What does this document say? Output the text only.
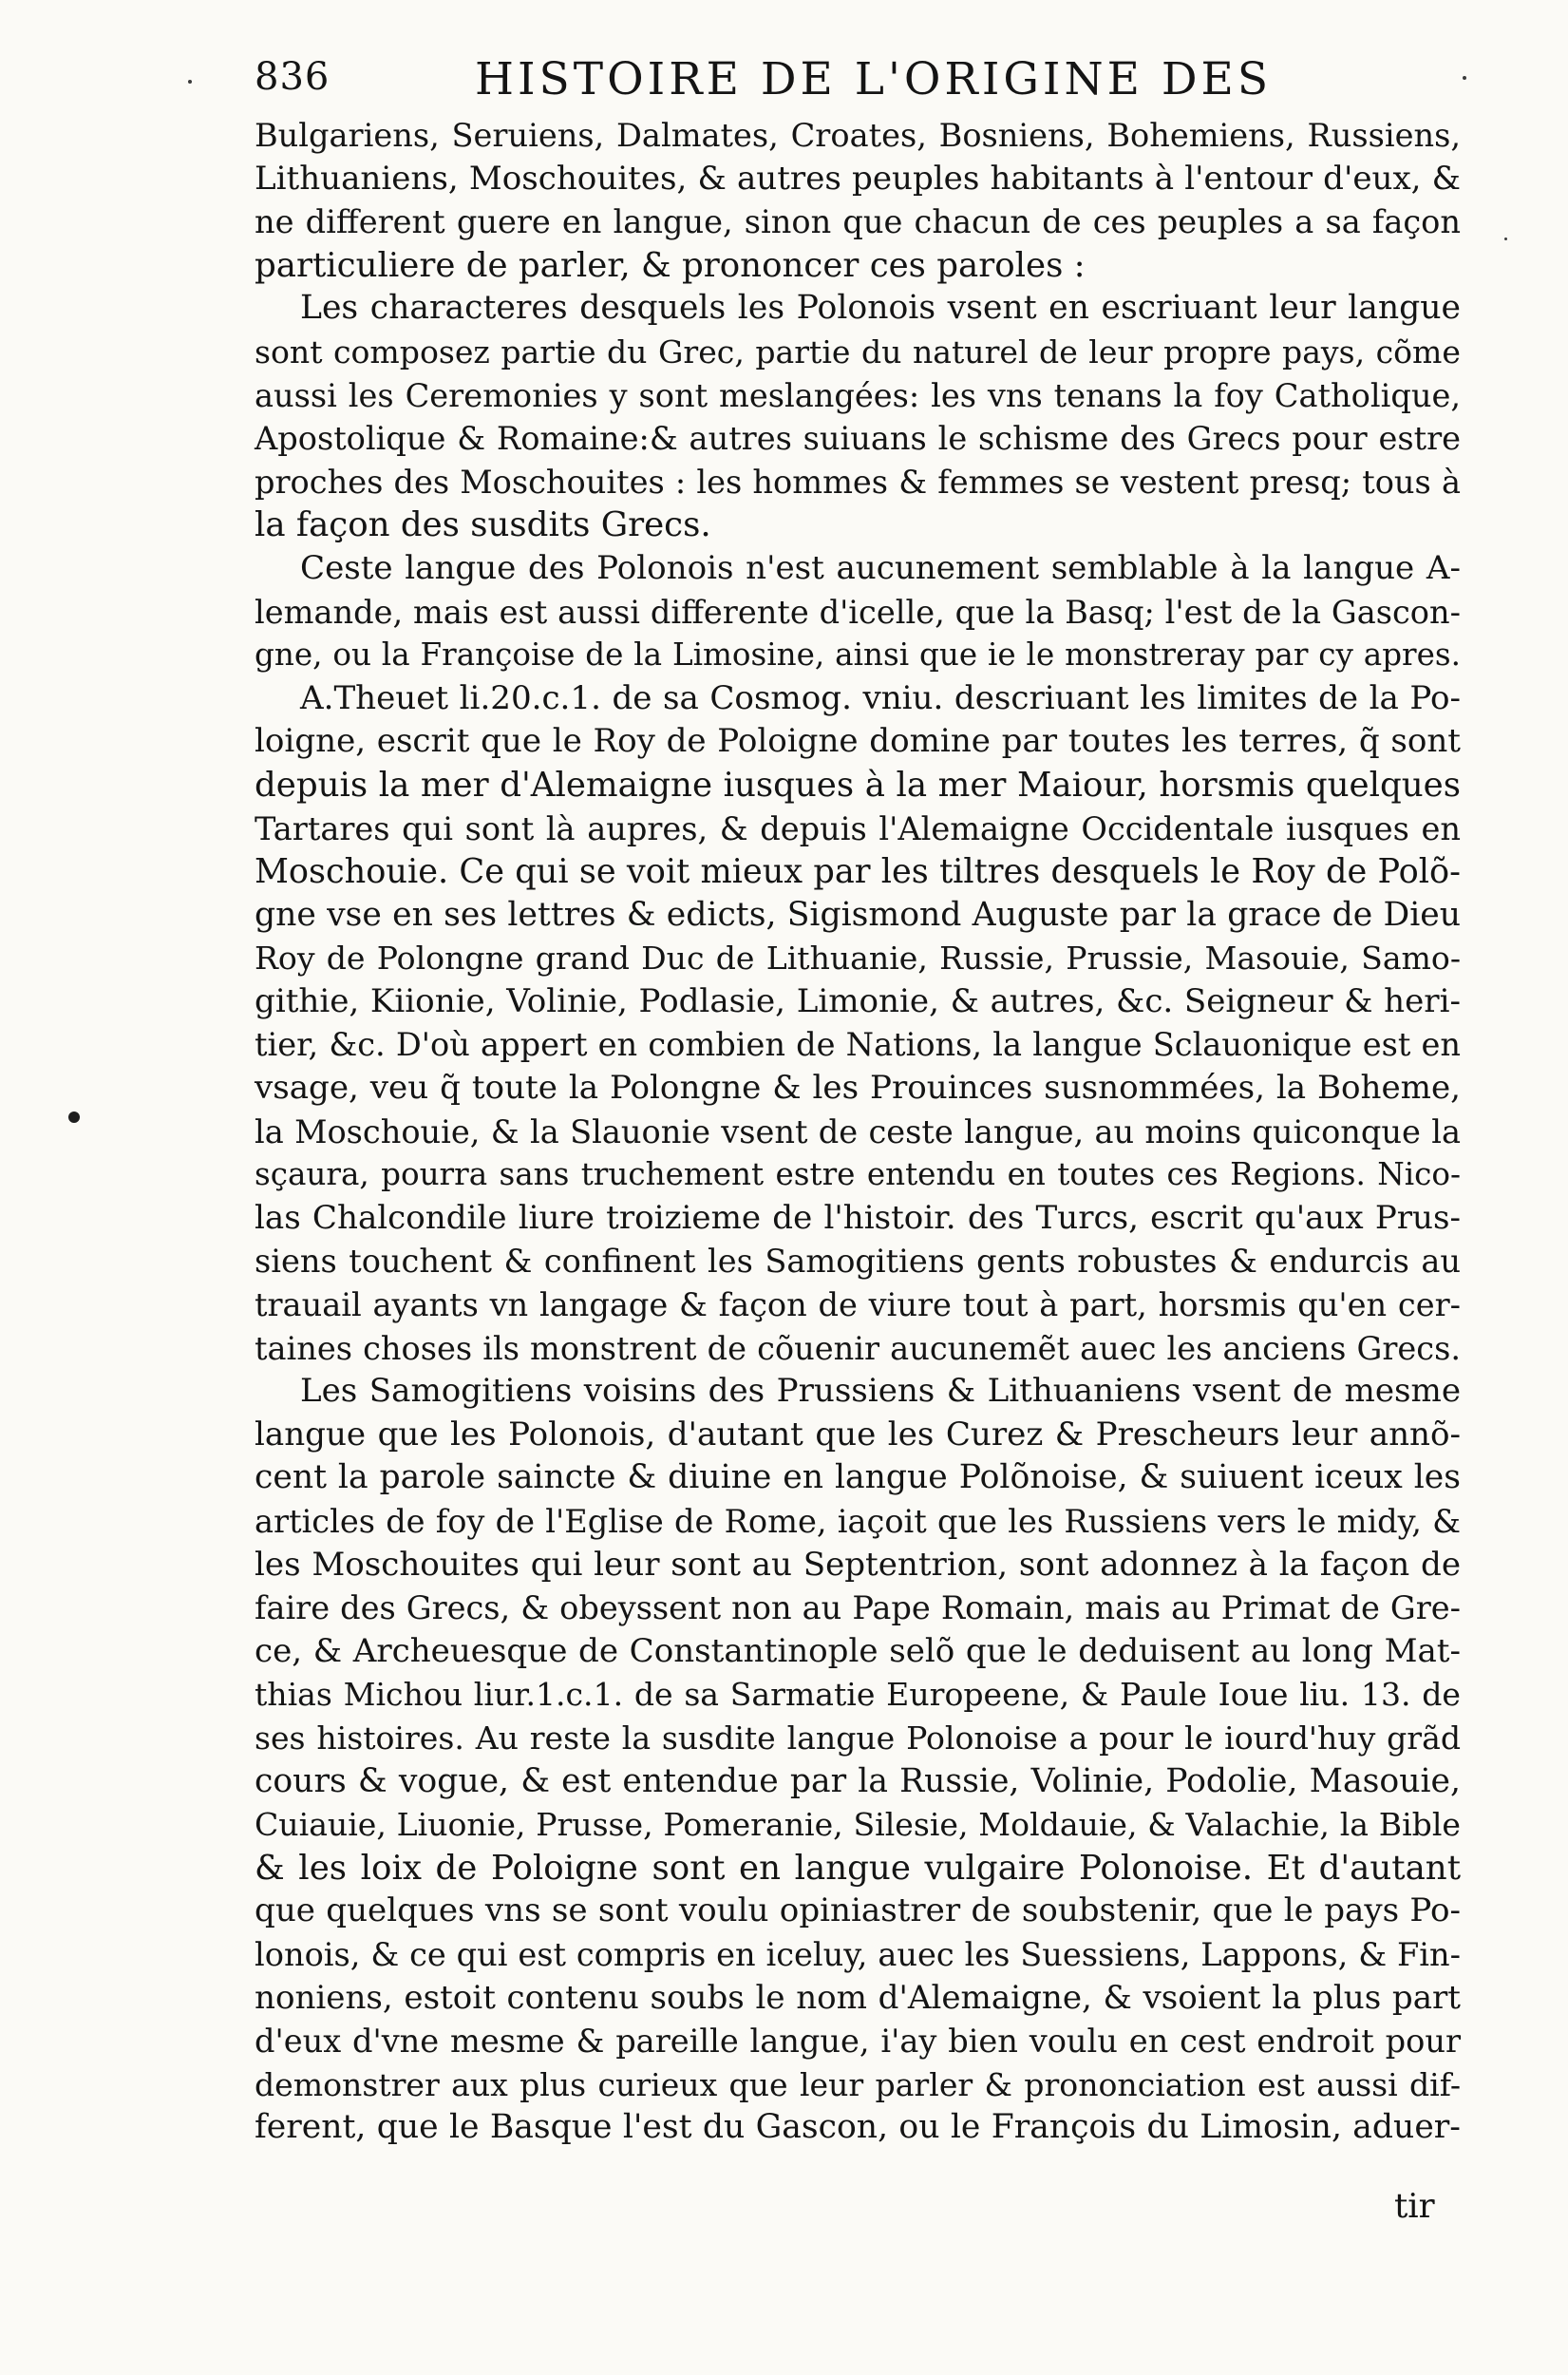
836	HISTOIRE DE L'ORIGINE DES
Bulgariens, Seruiens, Dalmates, Croates, Bosniens, Bohemiens, Russiens,
Lithuaniens, Moschouites, & autres peuples habitants à l'entour d'eux, &
ne different guere en langue, sinon que chacun de ces peuples a sa façon
particuliere de parler, & prononcer ces paroles :
Les characteres desquels les Polonois vsent en escriuant leur langue
sont composez partie du Grec, partie du naturel de leur propre pays, cõme
aussi les Ceremonies y sont meslangées: les vns tenans la foy Catholique,
Apostolique & Romaine:& autres suiuans le schisme des Grecs pour estre
proches des Moschouites : les hommes & femmes se vestent presq; tous à
la façon des susdits Grecs.
Ceste langue des Polonois n'est aucunement semblable à la langue A-
lemande, mais est aussi differente d'icelle, que la Basq; l'est de la Gascon-
gne, ou la Françoise de la Limosine, ainsi que ie le monstreray par cy apres.
A.Theuet li.20.c.1. de sa Cosmog. vniu. descriuant les limites de la Po-
loigne, escrit que le Roy de Poloigne domine par toutes les terres, q̃ sont
depuis la mer d'Alemaigne iusques à la mer Maiour, horsmis quelques
Tartares qui sont là aupres, & depuis l'Alemaigne Occidentale iusques en
Moschouie. Ce qui se voit mieux par les tiltres desquels le Roy de Polõ-
gne vse en ses lettres & edicts, Sigismond Auguste par la grace de Dieu
Roy de Polongne grand Duc de Lithuanie, Russie, Prussie, Masouie, Samo-
githie, Kiionie, Volinie, Podlasie, Limonie, & autres, &c. Seigneur & heri-
tier, &c. D'où appert en combien de Nations, la langue Sclauonique est en
vsage, veu q̃ toute la Polongne & les Prouinces susnommées, la Boheme,
la Moschouie, & la Slauonie vsent de ceste langue, au moins quiconque la
sçaura, pourra sans truchement estre entendu en toutes ces Regions. Nico-
las Chalcondile liure troizieme de l'histoir. des Turcs, escrit qu'aux Prus-
siens touchent & confinent les Samogitiens gents robustes & endurcis au
trauail ayants vn langage & façon de viure tout à part, horsmis qu'en cer-
taines choses ils monstrent de cõuenir aucunemẽt auec les anciens Grecs.
Les Samogitiens voisins des Prussiens & Lithuaniens vsent de mesme
langue que les Polonois, d'autant que les Curez & Prescheurs leur annõ-
cent la parole saincte & diuine en langue Polõnoise, & suiuent iceux les
articles de foy de l'Eglise de Rome, iaçoit que les Russiens vers le midy, &
les Moschouites qui leur sont au Septentrion, sont adonnez à la façon de
faire des Grecs, & obeyssent non au Pape Romain, mais au Primat de Gre-
ce, & Archeuesque de Constantinople selõ que le deduisent au long Mat-
thias Michou liur.1.c.1. de sa Sarmatie Europeene, & Paule Ioue liu. 13. de
ses histoires. Au reste la susdite langue Polonoise a pour le iourd'huy grãd
cours & vogue, & est entendue par la Russie, Volinie, Podolie, Masouie,
Cuiauie, Liuonie, Prusse, Pomeranie, Silesie, Moldauie, & Valachie, la Bible
& les loix de Poloigne sont en langue vulgaire Polonoise. Et d'autant
que quelques vns se sont voulu opiniastrer de soubstenir, que le pays Po-
lonois, & ce qui est compris en iceluy, auec les Suessiens, Lappons, & Fin-
noniens, estoit contenu soubs le nom d'Alemaigne, & vsoient la plus part
d'eux d'vne mesme & pareille langue, i'ay bien voulu en cest endroit pour
demonstrer aux plus curieux que leur parler & prononciation est aussi dif-
ferent, que le Basque l'est du Gascon, ou le François du Limosin, aduer-
tir
